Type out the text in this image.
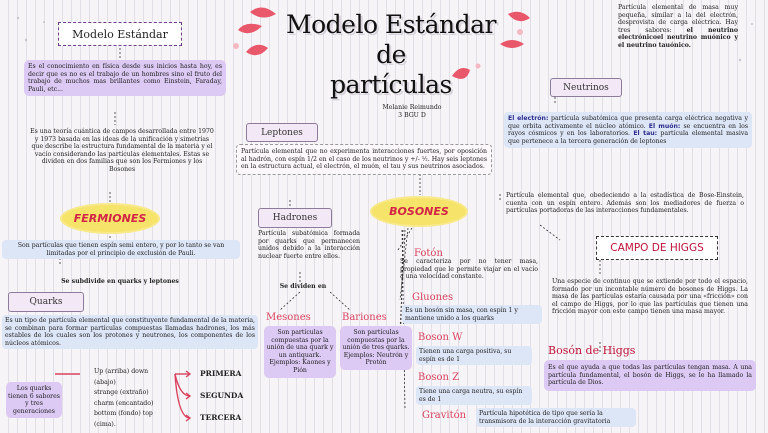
Modelo Estándar de
partículas
Melanie Reimundo
3 BGU D
Modelo Estándar
Es el conocimiento en física desde sus inicios hasta hoy, es decir que es no es el trabajo de un hombres sino el fruto del trabajo de muchos mas brillantes como Einstein, Faraday, Pauli, etc...
Es una teoría cuántica de campos desarrollada entre 1970 y 1973 basada en las ideas de la unificación y simetrías que describe la estructura fundamental de la materia y el vacío considerando las partículas elementales. Estas se dividen en dos familias que son los Fermiones y los Bosones
FERMIONES
Son partículas que tienen espín semi entero, y por lo tanto se van limitadas por el principio de exclusión de Pauli.
Se subdivide en quarks y leptones
Quarks
Es un tipo de partícula elemental que constituyente fundamental de la materia, se combinan para formar partículas compuestas llamadas hadrones, los más estables de los cuales son los protones y neutrones, los componentes de los núcleos atómicos.
Los quarks tienen 6 sabores y tres generaciones
Up (arriba) down (abajo)
strange (extraño) charm (encantado)
bottom (fondo) top (cima).
PRIMERA
SEGUNDA
TERCERA
Leptones
Partícula elemental que no experimenta interacciones fuertes, por oposición al hadrón, con espín 1/2 en el caso de los neutrinos y +/- ½. Hay seis leptones en la estructura actual, el electrón, el muón, el tau y sus neutrinos asociados.
Hadrones
Partícula subatómica formada por quarks que permanecen unidos debido a la interacción nuclear fuerte entre ellos.
Se dividen en
Mesones
Son partículas compuestas por la unión de una quark y un antiquark. Ejemplos: Kaones y Pión
Bariones
Son partículas compuestas por la unión de tres quarks. Ejemplos: Neutrón y Protón
Partícula elemental de masa muy pequeña, similar a la del electrón, desprovista de carga eléctrica. Hay tres sabores: el neutrino electrónicoel neutrino muónico y el neutrino tauónico.
Neutrinos
El electrón: partícula subatómica que presenta carga eléctrica negativa y que orbita activamente el núcleo atómico. El muón: se encuentra en los rayos cósmicos y en los laboratorios. El tau: partícula elemental masiva que pertenece a la tercera generación de leptones
BOSONES
Partícula elemental que, obedeciendo a la estadística de Bose-Einstein, cuenta con un espín entero. Además son los mediadores de fuerza o partículas portadoras de las interacciones fundamentales.
Fotón
Se caracteriza por no tener masa, propiedad que le permite viajar en el vacío a una velocidad constante.
Gluones
Es un bosón sin masa, con espín 1 y mantiene unido a los quarks
Boson W
Tienen una carga positiva, su espín es de 1
Boson Z
Tiene una carga neutra, su espín es de 1
Gravitón	Partícula hipotética de tipo que sería la transmisora de la interacción gravitatoria
CAMPO DE HIGGS
Una especie de continuo que se extiende por todo el espacio, formado por un incontable número de bosones de Higgs. La masa de las partículas estaría causada por una «fricción» con el campo de Higgs, por lo que las partículas que tienen una fricción mayor con este campo tienen una masa mayor.
Bosón de Higgs
Es el que ayuda a que todas las partículas tengan masa. A una partícula fundamental, el bosón de Higgs, se le ha llamado la partícula de Dios.
